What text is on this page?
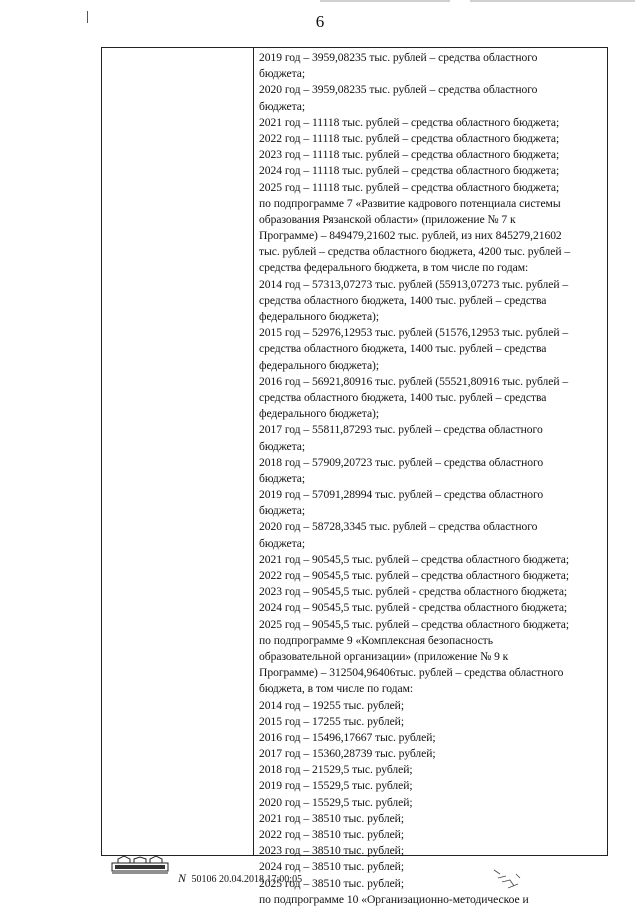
6
2019 год – 3959,08235 тыс. рублей – средства областного
бюджета;
2020 год – 3959,08235 тыс. рублей – средства областного
бюджета;
2021 год – 11118 тыс. рублей – средства областного бюджета;
2022 год – 11118 тыс. рублей – средства областного бюджета;
2023 год – 11118 тыс. рублей – средства областного бюджета;
2024 год – 11118 тыс. рублей – средства областного бюджета;
2025 год – 11118 тыс. рублей – средства областного бюджета;
по подпрограмме 7 «Развитие кадрового потенциала системы
образования Рязанской области» (приложение № 7 к
Программе) – 849479,21602 тыс. рублей, из них 845279,21602
тыс. рублей – средства областного бюджета, 4200 тыс. рублей –
средства федерального бюджета, в том числе по годам:
2014 год – 57313,07273 тыс. рублей (55913,07273 тыс. рублей –
средства областного бюджета, 1400 тыс. рублей – средства
федерального бюджета);
2015 год – 52976,12953 тыс. рублей (51576,12953 тыс. рублей –
средства областного бюджета, 1400 тыс. рублей – средства
федерального бюджета);
2016 год – 56921,80916 тыс. рублей (55521,80916 тыс. рублей –
средства областного бюджета, 1400 тыс. рублей – средства
федерального бюджета);
2017 год – 55811,87293 тыс. рублей – средства областного
бюджета;
2018 год – 57909,20723 тыс. рублей – средства областного
бюджета;
2019 год – 57091,28994 тыс. рублей – средства областного
бюджета;
2020 год – 58728,3345 тыс. рублей – средства областного
бюджета;
2021 год – 90545,5 тыс. рублей – средства областного бюджета;
2022 год – 90545,5 тыс. рублей – средства областного бюджета;
2023 год – 90545,5 тыс. рублей - средства областного бюджета;
2024 год – 90545,5 тыс. рублей - средства областного бюджета;
2025 год – 90545,5 тыс. рублей – средства областного бюджета;
по подпрограмме 9 «Комплексная безопасность
образовательной организации» (приложение № 9 к
Программе) – 312504,96406тыс. рублей – средства областного
бюджета, в том числе по годам:
2014 год – 19255 тыс. рублей;
2015 год – 17255 тыс. рублей;
2016 год – 15496,17667 тыс. рублей;
2017 год – 15360,28739 тыс. рублей;
2018 год – 21529,5 тыс. рублей;
2019 год – 15529,5 тыс. рублей;
2020 год – 15529,5 тыс. рублей;
2021 год – 38510 тыс. рублей;
2022 год – 38510 тыс. рублей;
2023 год – 38510 тыс. рублей;
2024 год – 38510 тыс. рублей;
2025 год – 38510 тыс. рублей;
по подпрограмме 10 «Организационно-методическое и
N 50106 20.04.2018 17:00:05
